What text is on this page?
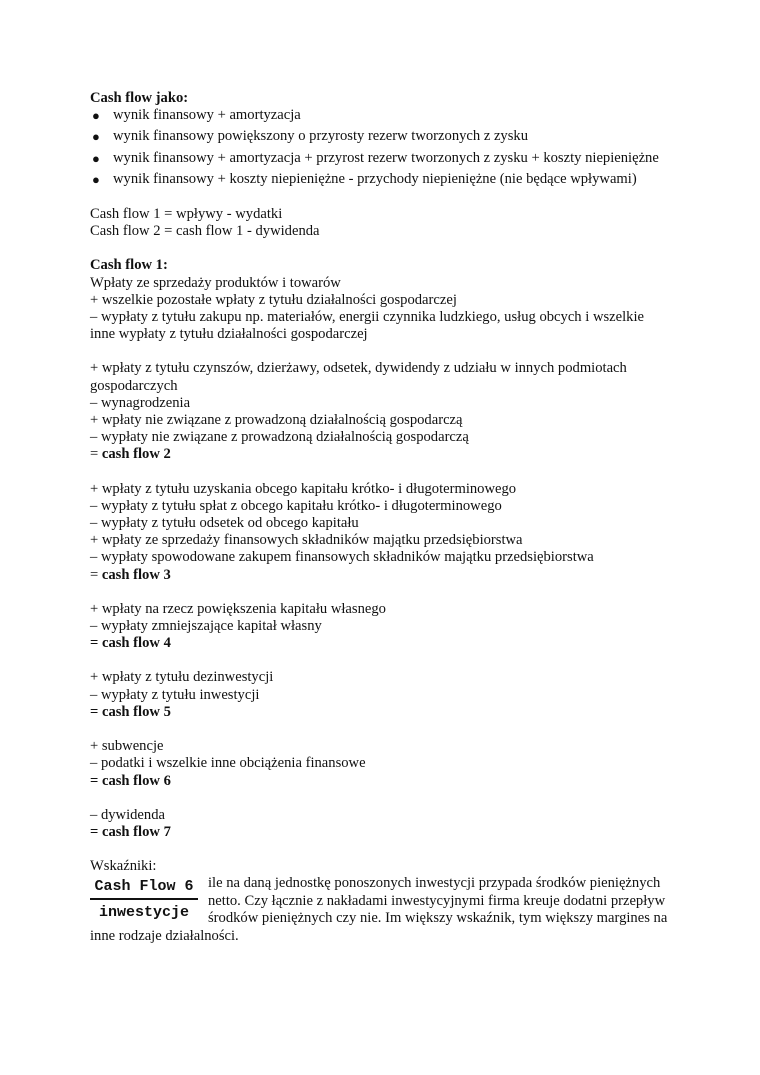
Cash flow jako:
● wynik finansowy + amortyzacja
● wynik finansowy powiększony o przyrosty rezerw tworzonych z zysku
● wynik finansowy + amortyzacja + przyrost rezerw tworzonych z zysku + koszty niepieniężne
● wynik finansowy + koszty niepieniężne - przychody niepieniężne (nie będące wpływami)
Cash flow 1 = wpływy - wydatki
Cash flow 2 = cash flow 1 - dywidenda
Cash flow 1:
Wpłaty ze sprzedaży produktów i towarów
+ wszelkie pozostałe wpłaty z tytułu działalności gospodarczej
– wypłaty z tytułu zakupu np. materiałów, energii czynnika ludzkiego, usług obcych i wszelkie
inne wypłaty z tytułu działalności gospodarczej
+ wpłaty z tytułu czynszów, dzierżawy, odsetek, dywidendy z udziału w innych podmiotach
gospodarczych
– wynagrodzenia
+ wpłaty nie związane z prowadzoną działalnością gospodarczą
– wypłaty nie związane z prowadzoną działalnością gospodarczą
= cash flow 2
+ wpłaty z tytułu uzyskania obcego kapitału krótko- i długoterminowego
– wypłaty z tytułu spłat z obcego kapitału krótko- i długoterminowego
– wypłaty z tytułu odsetek od obcego kapitału
+ wpłaty ze sprzedaży finansowych składników majątku przedsiębiorstwa
– wypłaty spowodowane zakupem finansowych składników majątku przedsiębiorstwa
= cash flow 3
+ wpłaty na rzecz powiększenia kapitału własnego
– wypłaty zmniejszające kapitał własny
= cash flow 4
+ wpłaty z tytułu dezinwestycji
– wypłaty z tytułu inwestycji
= cash flow 5
+ subwencje
– podatki i wszelkie inne obciążenia finansowe
= cash flow 6
– dywidenda
= cash flow 7
Wskaźniki:
Cash Flow 6
inwestycje
ile na daną jednostkę ponoszonych inwestycji przypada środków pieniężnych netto. Czy łącznie z nakładami inwestycyjnymi firma kreuje dodatni przepływ środków pieniężnych czy nie. Im większy wskaźnik, tym większy margines na inne rodzaje działalności.
